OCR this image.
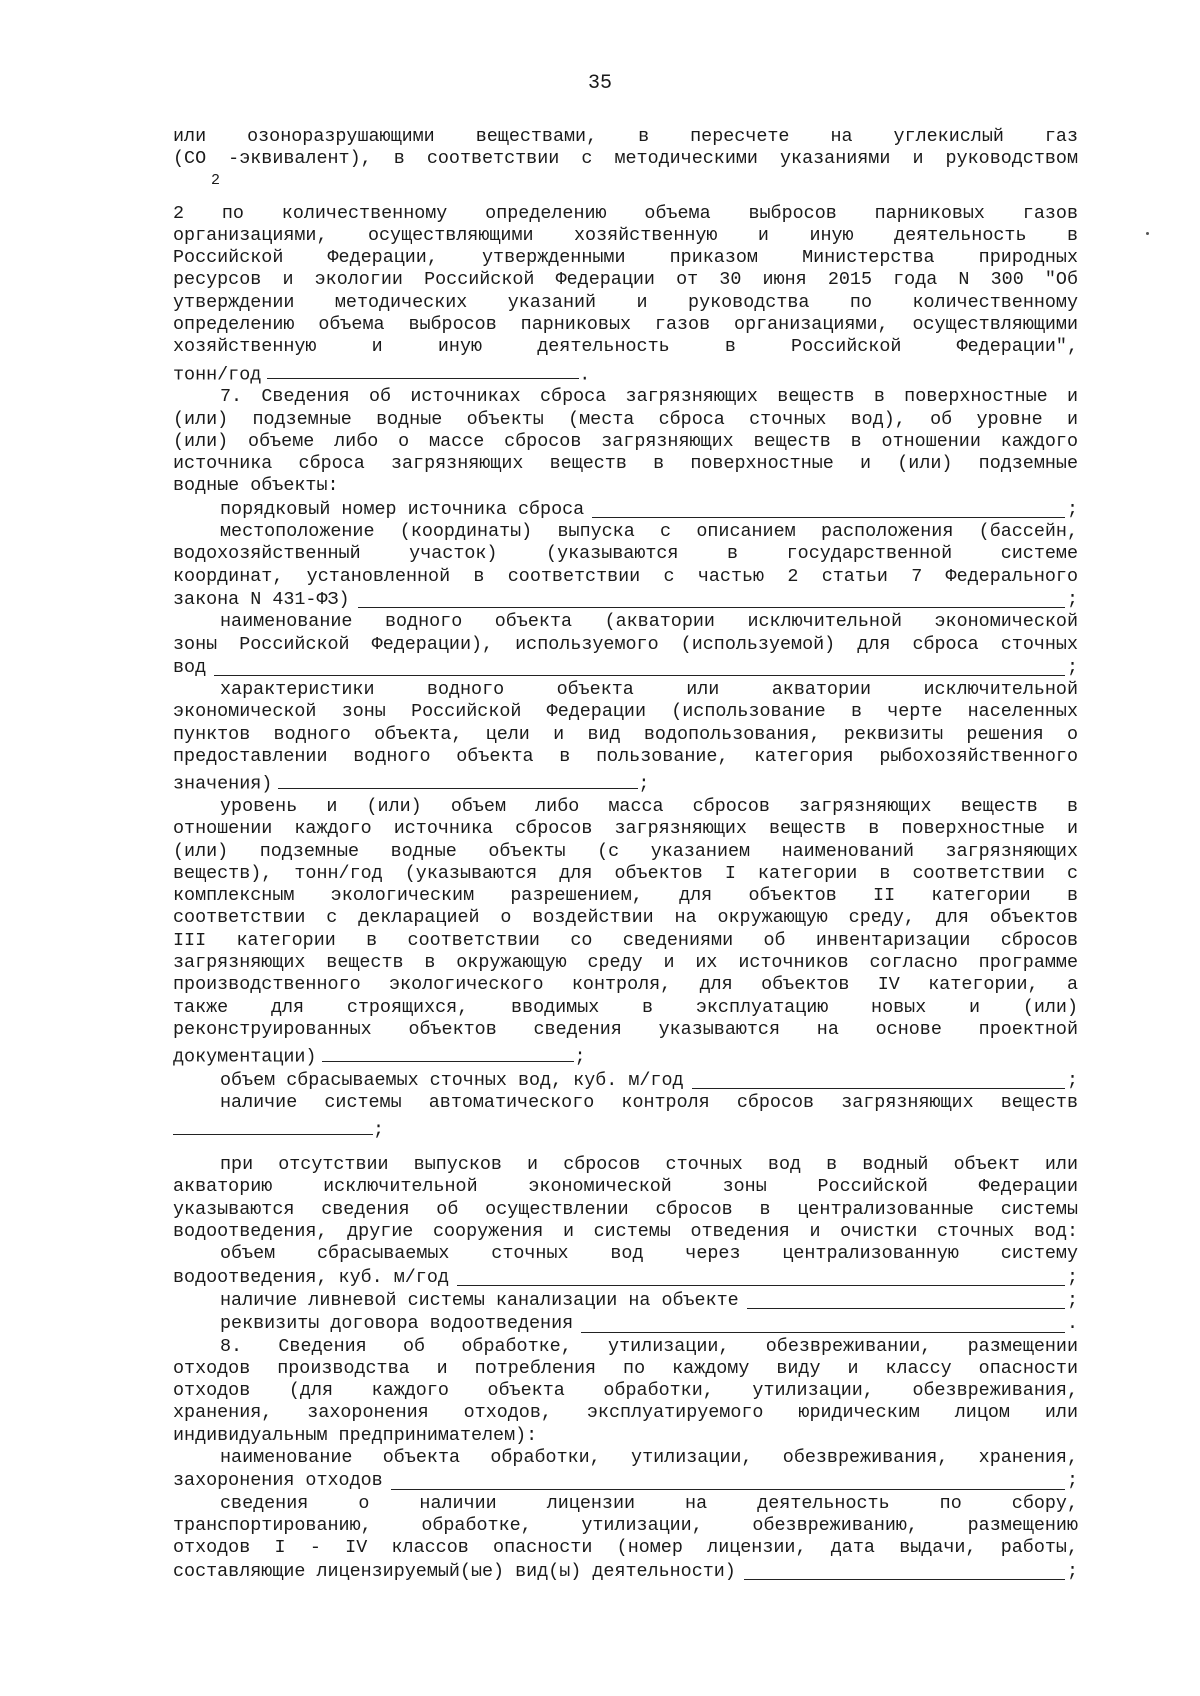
35
или озоноразрушающими веществами, в пересчете на углекислый газ
(CO -эквивалент), в соответствии с методическими указаниями и руководством
2
2 по количественному определению объема выбросов парниковых газов
организациями, осуществляющими хозяйственную и иную деятельность в
Российской Федерации, утвержденными приказом Министерства природных
ресурсов и экологии Российской Федерации от 30 июня 2015 года N 300 "Об
утверждении методических указаний и руководства по количественному
определению объема выбросов парниковых газов организациями, осуществляющими
хозяйственную и иную деятельность в Российской Федерации",
тонн/год	.
7. Сведения об источниках сброса загрязняющих веществ в поверхностные и
(или) подземные водные объекты (места сброса сточных вод), об уровне и
(или) объеме либо о массе сбросов загрязняющих веществ в отношении каждого
источника сброса загрязняющих веществ в поверхностные и (или) подземные
водные объекты:
порядковый номер источника сброса	;
местоположение (координаты) выпуска с описанием расположения (бассейн,
водохозяйственный участок) (указываются в государственной системе
координат, установленной в соответствии с частью 2 статьи 7 Федерального
закона N 431-ФЗ)	;
наименование водного объекта (акватории исключительной экономической
зоны Российской Федерации), используемого (используемой) для сброса сточных
вод	;
характеристики водного объекта или акватории исключительной
экономической зоны Российской Федерации (использование в черте населенных
пунктов водного объекта, цели и вид водопользования, реквизиты решения о
предоставлении водного объекта в пользование, категория рыбохозяйственного
значения)	;
уровень и (или) объем либо масса сбросов загрязняющих веществ в
отношении каждого источника сбросов загрязняющих веществ в поверхностные и
(или) подземные водные объекты (с указанием наименований загрязняющих
веществ), тонн/год (указываются для объектов I категории в соответствии с
комплексным экологическим разрешением, для объектов II категории в
соответствии с декларацией о воздействии на окружающую среду, для объектов
III категории в соответствии со сведениями об инвентаризации сбросов
загрязняющих веществ в окружающую среду и их источников согласно программе
производственного экологического контроля, для объектов IV категории, а
также для строящихся, вводимых в эксплуатацию новых и (или)
реконструированных объектов сведения указываются на основе проектной
документации)	;
объем сбрасываемых сточных вод, куб. м/год	;
наличие системы автоматического контроля сбросов загрязняющих веществ
;
при отсутствии выпусков и сбросов сточных вод в водный объект или
акваторию исключительной экономической зоны Российской Федерации
указываются сведения об осуществлении сбросов в централизованные системы
водоотведения, другие сооружения и системы отведения и очистки сточных вод:
объем сбрасываемых сточных вод через централизованную систему
водоотведения, куб. м/год	;
наличие ливневой системы канализации на объекте	;
реквизиты договора водоотведения	.
8. Сведения об обработке, утилизации, обезвреживании, размещении
отходов производства и потребления по каждому виду и классу опасности
отходов (для каждого объекта обработки, утилизации, обезвреживания,
хранения, захоронения отходов, эксплуатируемого юридическим лицом или
индивидуальным предпринимателем):
наименование объекта обработки, утилизации, обезвреживания, хранения,
захоронения отходов	;
сведения о наличии лицензии на деятельность по сбору,
транспортированию, обработке, утилизации, обезвреживанию, размещению
отходов I - IV классов опасности (номер лицензии, дата выдачи, работы,
составляющие лицензируемый(ые) вид(ы) деятельности)	;
